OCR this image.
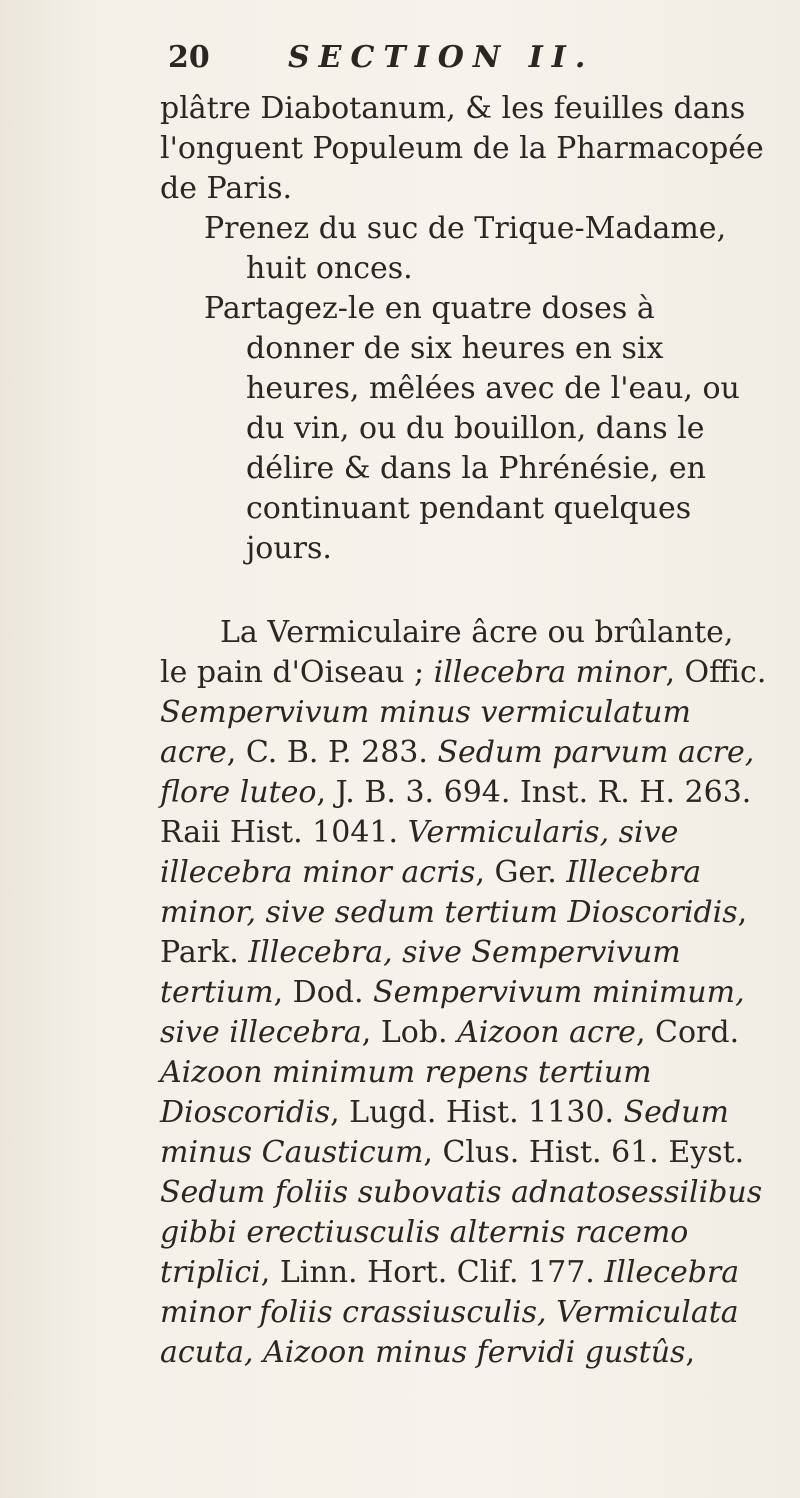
20	SECTION II.

plâtre Diabotanum, & les feuilles dans l'onguent Populeum de la Pharmacopée de Paris.

Prenez du suc de Trique-Madame, huit onces.

Partagez-le en quatre doses à donner de six heures en six heures, mêlées avec de l'eau, ou du vin, ou du bouillon, dans le délire & dans la Phrénésie, en continuant pendant quelques jours.

La Vermiculaire âcre ou brûlante, le pain d'Oiseau ; illecebra minor, Offic. Sempervivum minus vermiculatum acre, C. B. P. 283. Sedum parvum acre, flore luteo, J. B. 3. 694. Inst. R. H. 263. Raii Hist. 1041. Vermicularis, sive illecebra minor acris, Ger. Illecebra minor, sive sedum tertium Dioscoridis, Park. Illecebra, sive Sempervivum tertium, Dod. Sempervivum minimum, sive illecebra, Lob. Aizoon acre, Cord. Aizoon minimum repens tertium Dioscoridis, Lugd. Hist. 1130. Sedum minus Causticum, Clus. Hist. 61. Eyst. Sedum foliis subovatis adnatosessilibus gibbi erectiusculis alternis racemo triplici, Linn. Hort. Clif. 177. Illecebra minor foliis crassiusculis, Vermiculata acuta, Aizoon minus fervidi gustûs,
